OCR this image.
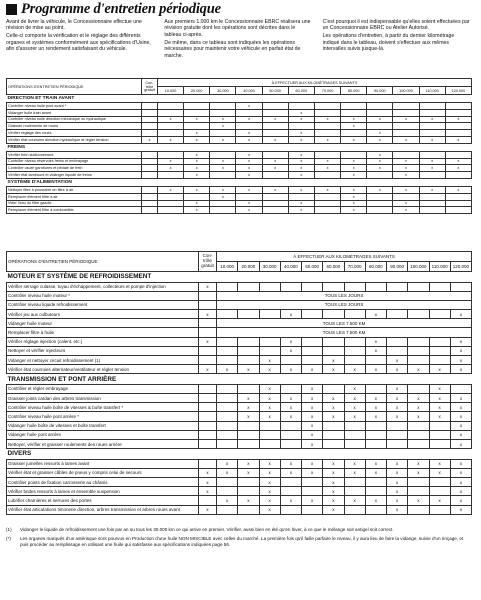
Programme d'entretien périodique

Avant de livrer la véhicule, le Concessionnaire effectue une révision de mise au point.

Celle-ci comporte la vérification et le réglage des différents organes et systèmes conformément aux spécifications d'Usine, afin d'assurer un rendement satisfaisant du véhicule.

Aux premiers 1.000 km le Concessionnaire EBRC réalisera une révision gratuite dont les opérations sont décrites dans le tableau ci-après.

De même, dans ce tableau sont indiquées les opérations nécessaires pour maintenir votre véhicule en parfait état de marche.

C'est pourquoi il est indispensable qu'elles soient effectuées par un Concessionnaire EBRC ou Atelier Autorisé.

Les opérations d'entretien, à partir du dernier kilométrage indiqué dans le tableau, doivent s'effectuer aux mêmes intervalles suivis jusque-là.

OPÉRATIONS D'ENTRETIEN PÉRIODIQUE	Con-trôle gratuit	À EFFECTUER AUX KILOMÉTRAGES SUIVANTS											
		10.000	20.000	30.000	40.000	50.000	60.000	70.000	80.000	90.000	100.000	110.000	120.000
DIRECTION ET TRAIN AVANT													
Contrôler niveau huile pont avant *					x								
Vidanger huile train avant							x						
Contrôler niveau huile direction mécanique ou hydraulique		x	x	x	x	x	x	x	x	x	x	x	x
Graisser roulements de roues				x					x				
Vérifier réglage des roues			x		x		x			x			
Vérifier état courroies direction hydraulique et régler tension	x	x	x	x	x	x	x	x	x	x	x	x	x
FREINS													
Vérifier frein stationnement			x		x		x			x			
Contrôler niveau réservoirs freins et embrayage		x	x	x	x	x	x	x	x	x	x	x	x
Contrôler usure garnitures et pédale de frein		x	x	x	x	x	x	x	x	x	x	x	x
Vérifier état tambours et vidanger liquide de freins			x		x		x		x		x		
SYSTÈME D'ALIMENTATION													
Nettoyer filtre à poussière en filtre à air		x	x	x	x	x	x	x	x	x	x	x	x
Remplacer élément filtre à air				x					x				
Vider l'eau du filtre gazole			x		x		x		x		x		
Remplacer élément filtre à combustible			x		x		x		x		x		
OPÉRATIONS D'ENTRETIEN PÉRIODIQUE	Con-trôle gratuit	À EFFECTUER AUX KILOMÉTRAGES SUIVANTS											
		10.000	20.000	30.000	40.000	50.000	60.000	70.000	80.000	90.000	100.000	110.000	120.000
MOTEUR ET SYSTÈME DE REFROIDISSEMENT													
Vérifier serrage culasse, tuyau d'échappement, collecteurs et pompe d'injection	x												
Contrôler niveau huile moteur *		TOUS LES JOURS											
Contrôler niveau liquide refroidissement		TOUS LES JOURS											
Vérifier jeu aux culbuteurs	x				x				x				x
Vidanger huile moteur		TOUS LES 7.500 KM											
Remplacer filtre à huile		TOUS LES 7.500 KM											
Vérifier réglage injection (calent. etc.)	x				x				x				x
Nettoyer et vérifier injecteurs					x				x				x
Vidanger et nettoyer circuit refroidissement (1)				x			x			x			x
Vérifier état courroies alternateur/ventilateur et régler tension	x	x	x	x	x	x	x	x	x	x	x	x	x
TRANSMISSION ET PONT ARRIÈRE													
Contrôler et régler embrayage				x		x		x		x		x	
Graisser joints cardan des arbres transmission			x	x	x	x	x	x	x	x	x	x	x
Contrôler niveau huile boîte de vitesses & boîte transfert *			x	x	x	x	x	x	x	x	x	x	x
Contrôler niveau huile pont arrière *			x	x	x	x	x	x	x	x	x	x	x
Vidanger huile boîte de vitesses et boîte transfert						x							x
Vidanger huile pont arrière						x							x
Nettoyer, vérifier et graisser roulements des roues arrière						x							x
DIVERS													
Graisser jumelles ressorts à lames avant		x	x	x	x	x	x	x	x	x	x	x	x
Vérifier état et graisser câbles de pneus y compris celui de secours	x	x	x	x	x	x	x	x	x	x	x	x	x
Contrôler points de fixation carrosserie au châssis	x			x			x			x			x
Vérifier brides ressorts à lames et ensemble suspension	x			x			x			x			x
Lubrifier charnières et serrures des portes		x	x	x	x	x	x	x	x	x	x	x	x
Vérifier état articulations timonerie direction, arbres transmission et arbres roues avant	x			x			x			x			x

(1)	Vidanger le liquide de refroidissement une fois par an ou tous les 30.000 km ce qui arrive en premier. Vérifier, aussi bien en été qu'en hiver, à ce que le mélange soit antigel soit correct.

(*)	Les organes marqués d'un astérisque sont pourvus en Production d'une huile NON MISCIBLE avec celles du marché. La première fois qu'il faille parfaire le niveau, il y aura lieu de faire la vidange, suivie d'un rinçage, et puis procéder au remplissage en utilisant une huile qui satisfasse aux spécifications indiquées page 56.
